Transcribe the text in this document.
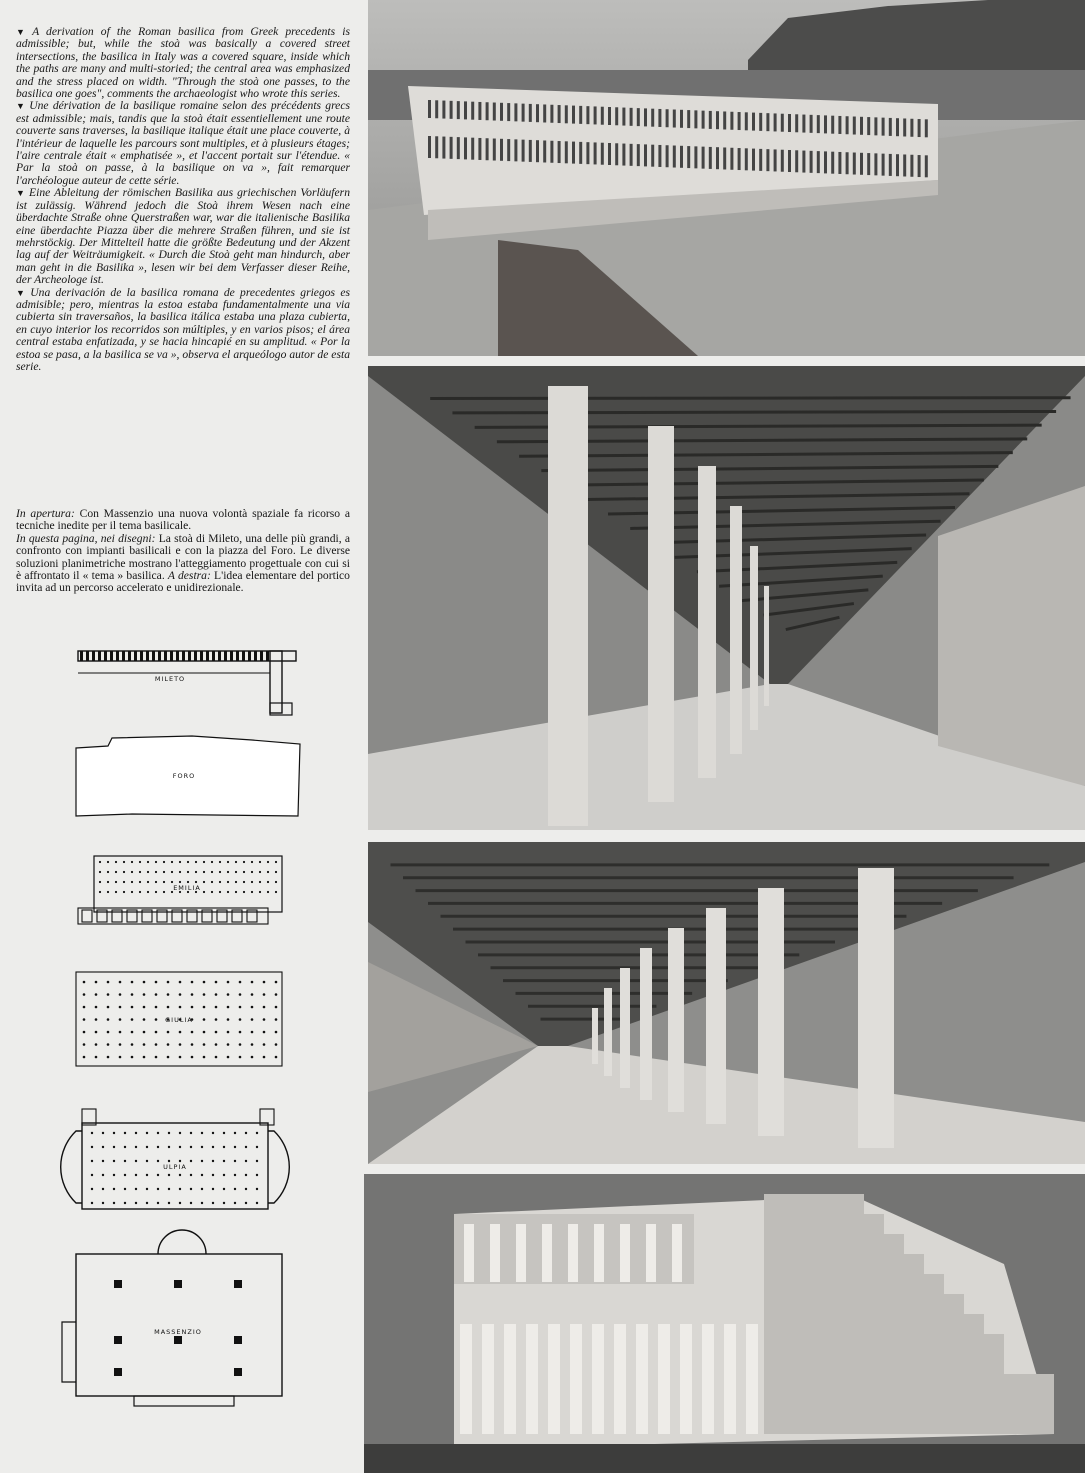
▼ A derivation of the Roman basilica from Greek precedents is admissible; but, while the stoà was basically a covered street intersections, the basilica in Italy was a covered square, inside which the paths are many and multi-storied; the central area was emphasized and the stress placed on width. "Through the stoà one passes, to the basilica one goes", comments the archaeologist who wrote this series.

▼ Une dérivation de la basilique romaine selon des précédents grecs est admissible; mais, tandis que la stoà était essentiellement une route couverte sans traverses, la basilique italique était une place couverte, à l'intérieur de laquelle les parcours sont multiples, et à plusieurs étages; l'aire centrale était « emphatisée », et l'accent portait sur l'étendue. « Par la stoà on passe, à la basilique on va », fait remarquer l'archéologue auteur de cette série.

▼ Eine Ableitung der römischen Basilika aus griechischen Vorläufern ist zulässig. Während jedoch die Stoà ihrem Wesen nach eine überdachte Straße ohne Querstraßen war, war die italienische Basilika eine überdachte Piazza über die mehrere Straßen führen, und sie ist mehrstöckig. Der Mittelteil hatte die größte Bedeutung und der Akzent lag auf der Weiträumigkeit. « Durch die Stoà geht man hindurch, aber man geht in die Basilika », lesen wir bei dem Verfasser dieser Reihe, der Archeologe ist.

▼ Una derivación de la basilica romana de precedentes griegos es admisible; pero, mientras la estoa estaba fundamentalmente una via cubierta sin traversaños, la basilica itálica estaba una plaza cubierta, en cuyo interior los recorridos son múltiples, y en varios pisos; el área central estaba enfatizada, y se hacia hincapié en su amplitud. « Por la estoa se pasa, a la basilica se va », observa el arqueólogo autor de esta serie.

In apertura: Con Massenzio una nuova volontà spaziale fa ricorso a tecniche inedite per il tema basilicale.

In questa pagina, nei disegni: La stoà di Mileto, una delle più grandi, a confronto con impianti basilicali e con la piazza del Foro. Le diverse soluzioni planimetriche mostrano l'atteggiamento progettuale con cui si è affrontato il « tema » basilica. A destra: L'idea elementare del portico invita ad un percorso accelerato e unidirezionale.

MILETO
FORO
EMILIA
GIULIA
ULPIA
MASSENZIO
